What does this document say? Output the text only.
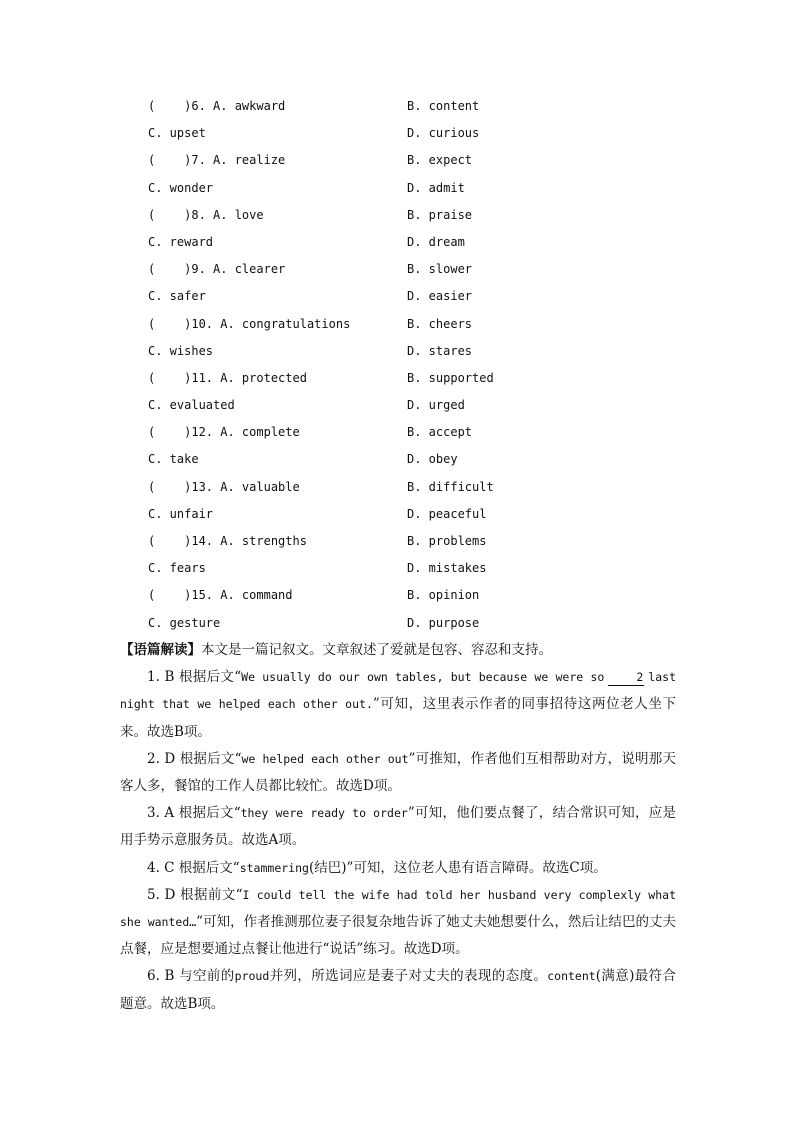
(    )6. A. awkward	B. content
C. upset	D. curious
(    )7. A. realize	B. expect
C. wonder	D. admit
(    )8. A. love	B. praise
C. reward	D. dream
(    )9. A. clearer	B. slower
C. safer	D. easier
(    )10. A. congratulations	B. cheers
C. wishes	D. stares
(    )11. A. protected	B. supported
C. evaluated	D. urged
(    )12. A. complete	B. accept
C. take	D. obey
(    )13. A. valuable	B. difficult
C. unfair	D. peaceful
(    )14. A. strengths	B. problems
C. fears	D. mistakes
(    )15. A. command	B. opinion
C. gesture	D. purpose

【语篇解读】本文是一篇记叙文。文章叙述了爱就是包容、容忍和支持。

1. B 根据后文“We usually do our own tables, but because we were so	2 last night that we helped each other out.”可知，这里表示作者的同事招待这两位老人坐下来。故选B项。

2. D 根据后文“we helped each other out”可推知，作者他们互相帮助对方，说明那天客人多，餐馆的工作人员都比较忙。故选D项。

3. A 根据后文“they were ready to order”可知，他们要点餐了，结合常识可知，应是用手势示意服务员。故选A项。

4. C 根据后文“stammering(结巴)”可知，这位老人患有语言障碍。故选C项。

5. D 根据前文“I could tell the wife had told her husband very complexly what she wanted…”可知，作者推测那位妻子很复杂地告诉了她丈夫她想要什么，然后让结巴的丈夫点餐，应是想要通过点餐让他进行“说话”练习。故选D项。

6. B 与空前的proud并列，所选词应是妻子对丈夫的表现的态度。content(满意)最符合题意。故选B项。
